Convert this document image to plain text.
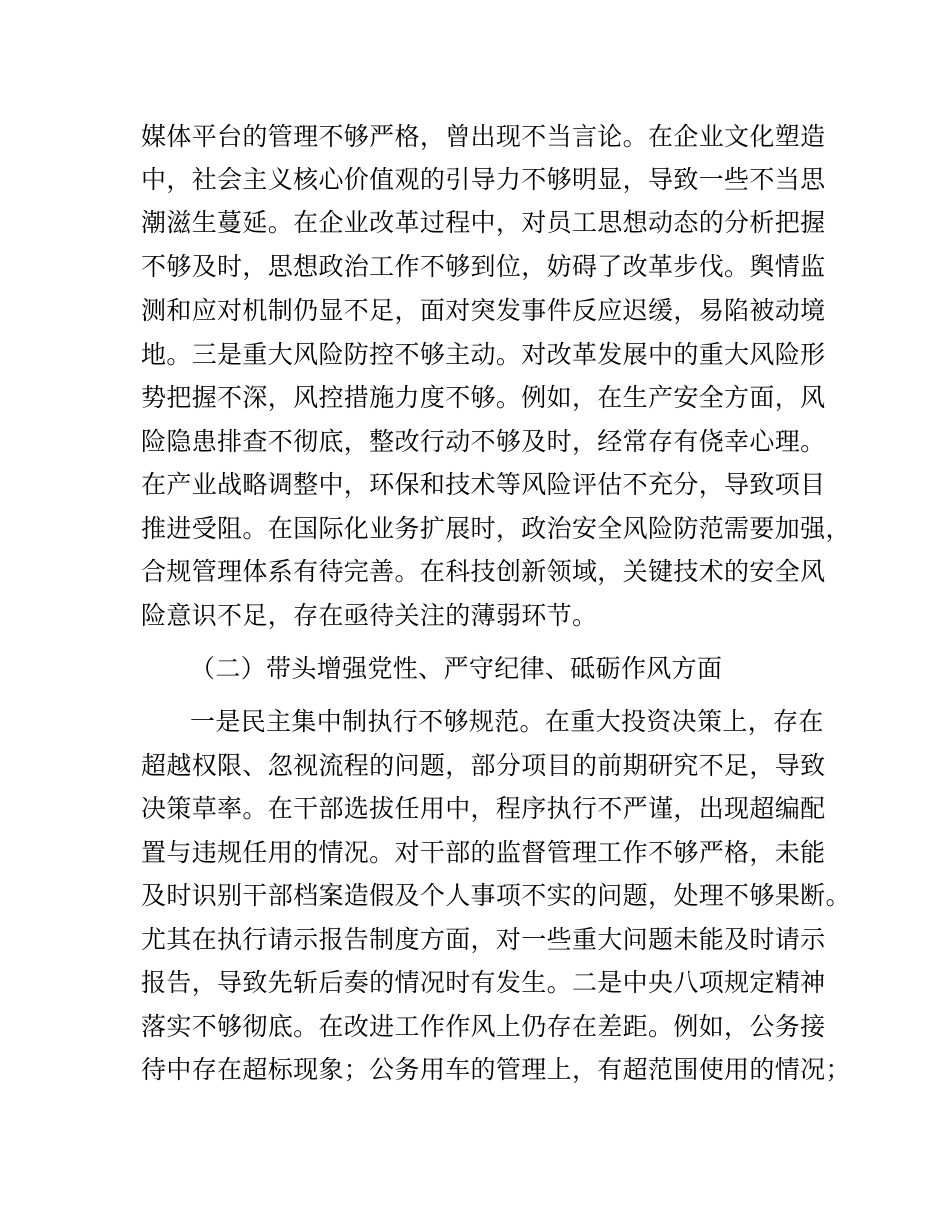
媒体平台的管理不够严格，曾出现不当言论。在企业文化塑造
中，社会主义核心价值观的引导力不够明显，导致一些不当思
潮滋生蔓延。在企业改革过程中，对员工思想动态的分析把握
不够及时，思想政治工作不够到位，妨碍了改革步伐。舆情监
测和应对机制仍显不足，面对突发事件反应迟缓，易陷被动境
地。三是重大风险防控不够主动。对改革发展中的重大风险形
势把握不深，风控措施力度不够。例如，在生产安全方面，风
险隐患排查不彻底，整改行动不够及时，经常存有侥幸心理。
在产业战略调整中，环保和技术等风险评估不充分，导致项目
推进受阻。在国际化业务扩展时，政治安全风险防范需要加强，
合规管理体系有待完善。在科技创新领域，关键技术的安全风
险意识不足，存在亟待关注的薄弱环节。
（二）带头增强党性、严守纪律、砥砺作风方面
一是民主集中制执行不够规范。在重大投资决策上，存在
超越权限、忽视流程的问题，部分项目的前期研究不足，导致
决策草率。在干部选拔任用中，程序执行不严谨，出现超编配
置与违规任用的情况。对干部的监督管理工作不够严格，未能
及时识别干部档案造假及个人事项不实的问题，处理不够果断。
尤其在执行请示报告制度方面，对一些重大问题未能及时请示
报告，导致先斩后奏的情况时有发生。二是中央八项规定精神
落实不够彻底。在改进工作作风上仍存在差距。例如，公务接
待中存在超标现象；公务用车的管理上，有超范围使用的情况；
